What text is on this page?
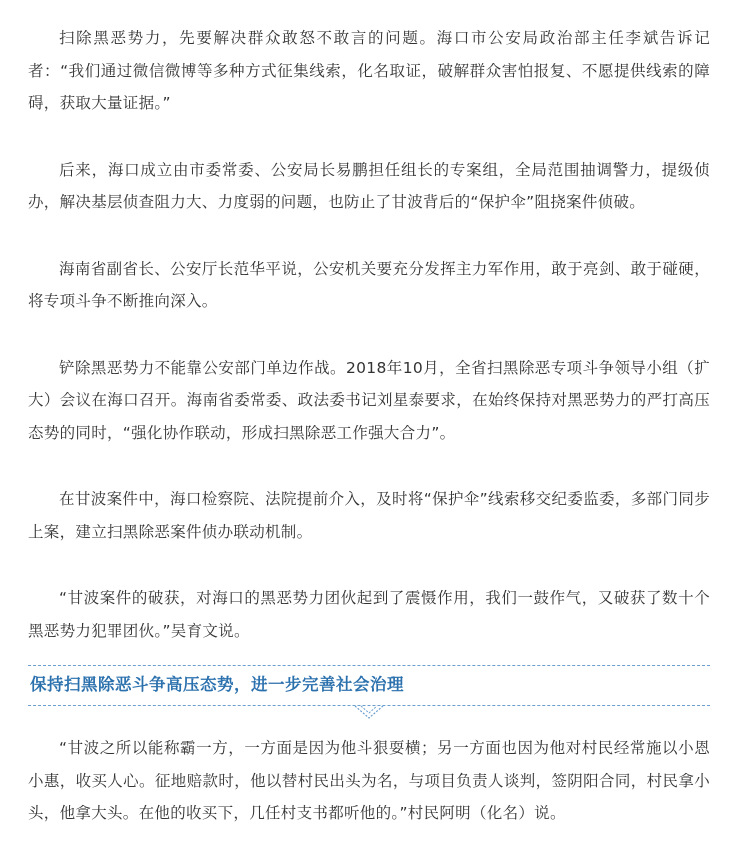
扫除黑恶势力，先要解决群众敢怒不敢言的问题。海口市公安局政治部主任李斌告诉记者：“我们通过微信微博等多种方式征集线索，化名取证，破解群众害怕报复、不愿提供线索的障碍，获取大量证据。”

后来，海口成立由市委常委、公安局长易鹏担任组长的专案组，全局范围抽调警力，提级侦办，解决基层侦查阻力大、力度弱的问题，也防止了甘波背后的“保护伞”阻挠案件侦破。

海南省副省长、公安厅长范华平说，公安机关要充分发挥主力军作用，敢于亮剑、敢于碰硬，将专项斗争不断推向深入。

铲除黑恶势力不能靠公安部门单边作战。2018年10月，全省扫黑除恶专项斗争领导小组（扩大）会议在海口召开。海南省委常委、政法委书记刘星泰要求，在始终保持对黑恶势力的严打高压态势的同时，“强化协作联动，形成扫黑除恶工作强大合力”。

在甘波案件中，海口检察院、法院提前介入，及时将“保护伞”线索移交纪委监委，多部门同步上案，建立扫黑除恶案件侦办联动机制。

“甘波案件的破获，对海口的黑恶势力团伙起到了震慑作用，我们一鼓作气，又破获了数十个黑恶势力犯罪团伙。”吴育文说。

保持扫黑除恶斗争高压态势，进一步完善社会治理

“甘波之所以能称霸一方，一方面是因为他斗狠耍横；另一方面也因为他对村民经常施以小恩小惠，收买人心。征地赔款时，他以替村民出头为名，与项目负责人谈判，签阴阳合同，村民拿小头，他拿大头。在他的收买下，几任村支书都听他的。”村民阿明（化名）说。
